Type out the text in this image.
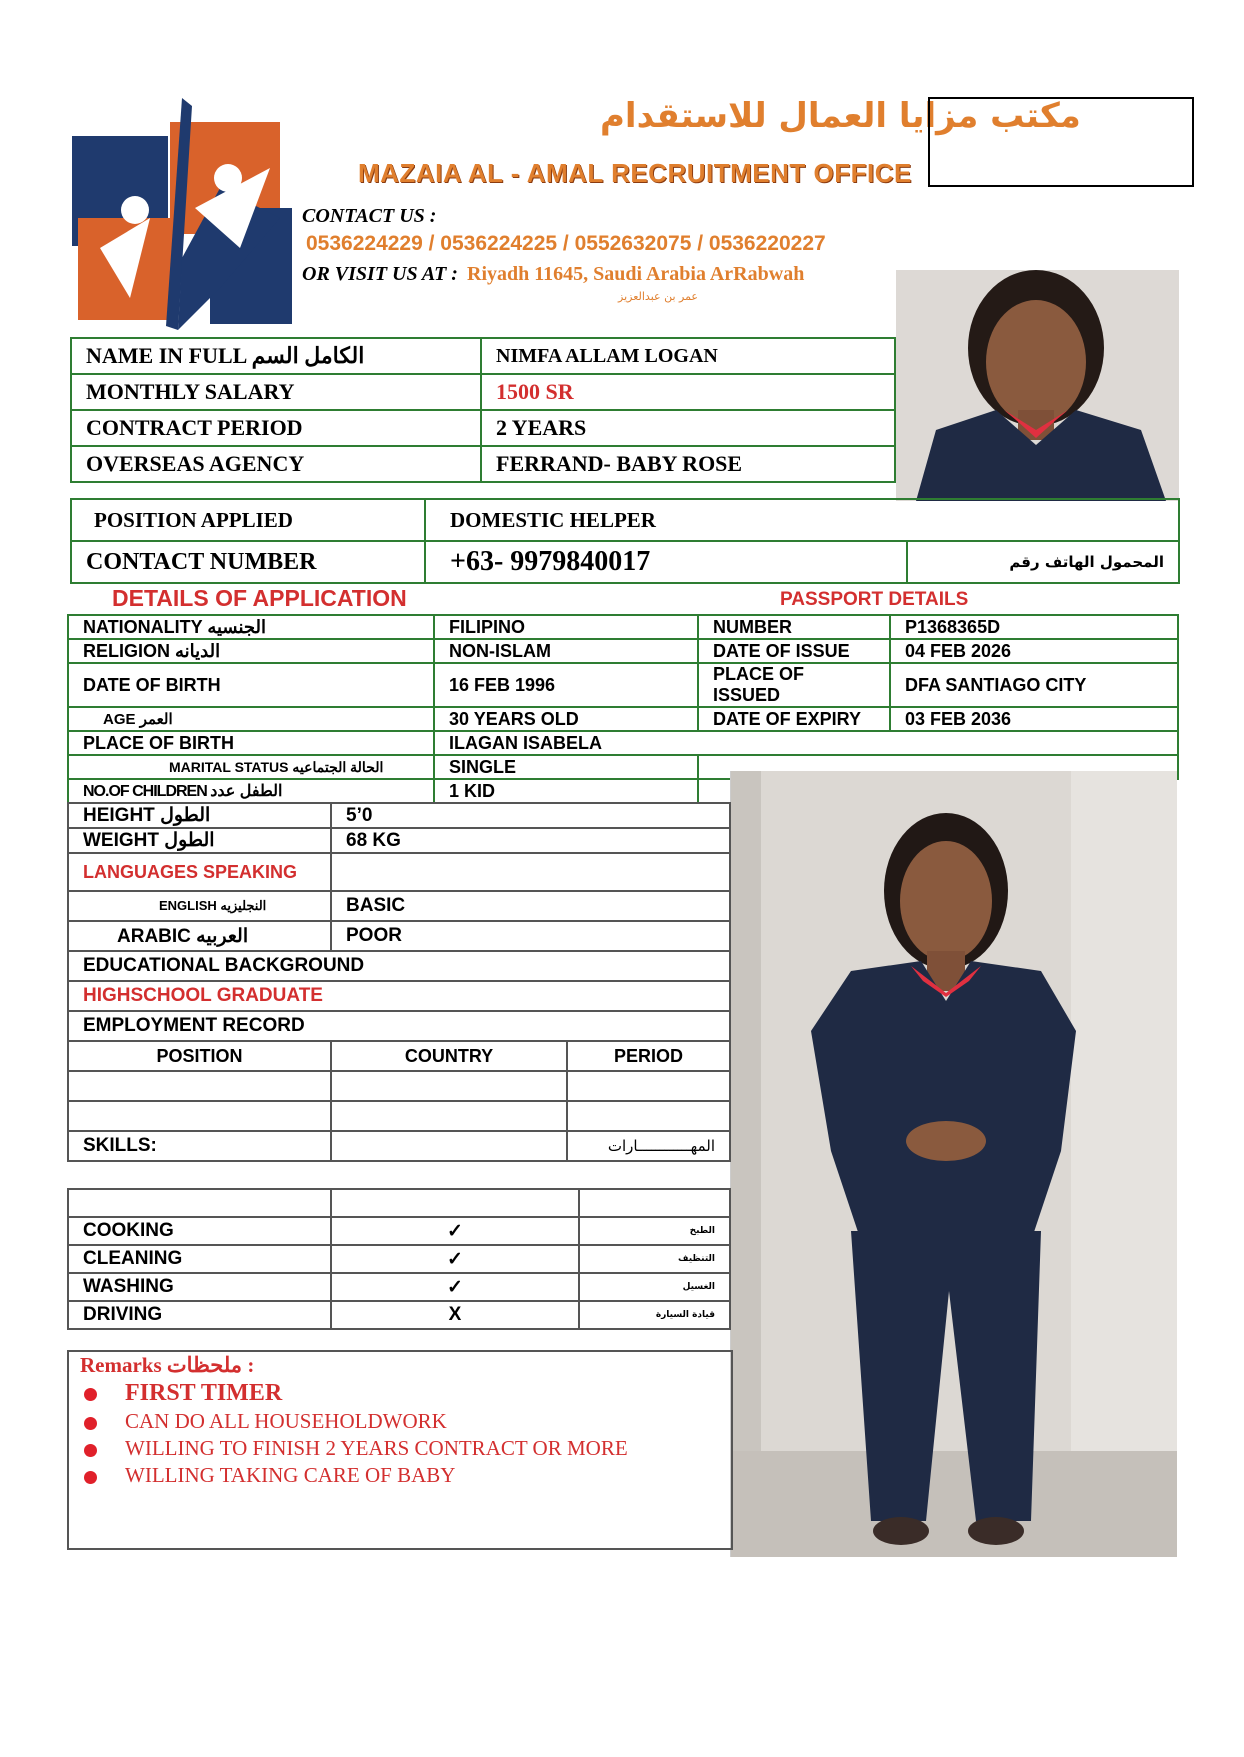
مكتب مزايا العمال للاستقدام
MAZAIA AL - AMAL RECRUITMENT OFFICE
CONTACT US :
0536224229 / 0536224225 / 0552632075 / 0536220227
OR VISIT US AT : Riyadh 11645, Saudi Arabia ArRabwah
عمر بن عبدالعزيز
NAME IN FULL الكامل السم	NIMFA ALLAM LOGAN
MONTHLY SALARY	1500 SR
CONTRACT PERIOD	2 YEARS
OVERSEAS AGENCY	FERRAND- BABY ROSE
POSITION APPLIED	DOMESTIC HELPER	
CONTACT NUMBER	+63- 9979840017	المحمول الهاتف رقم
DETAILS OF APPLICATION	PASSPORT DETAILS
NATIONALITY الجنسيه	FILIPINO	NUMBER	P1368365D
RELIGION الديانه	NON-ISLAM	DATE OF ISSUE	04 FEB 2026
DATE OF BIRTH	16 FEB 1996	PLACE OF ISSUED	DFA SANTIAGO CITY
AGE العمر	30 YEARS OLD	DATE OF EXPIRY	03 FEB 2036
PLACE OF BIRTH	ILAGAN ISABELA		
MARITAL STATUS الحالة الجتماعيه	SINGLE		
NO.OF CHILDREN الطفل عدد	1 KID		
HEIGHT الطول	5’0	
WEIGHT الطول	68 KG	
LANGUAGES SPEAKING		
ENGLISH النجليزيه	BASIC	
ARABIC العربيه	POOR	
EDUCATIONAL BACKGROUND		
HIGHSCHOOL GRADUATE		
EMPLOYMENT RECORD		
POSITION	COUNTRY	PERIOD

SKILLS:		المهــــــــــــارات

COOKING	✓	الطبخ
CLEANING	✓	التنظيف
WASHING	✓	الغسيل
DRIVING	X	قيادة السيارة
Remarks ملحظات :
FIRST TIMER
CAN DO ALL HOUSEHOLDWORK
WILLING TO FINISH 2 YEARS CONTRACT OR MORE
WILLING TAKING CARE OF BABY
